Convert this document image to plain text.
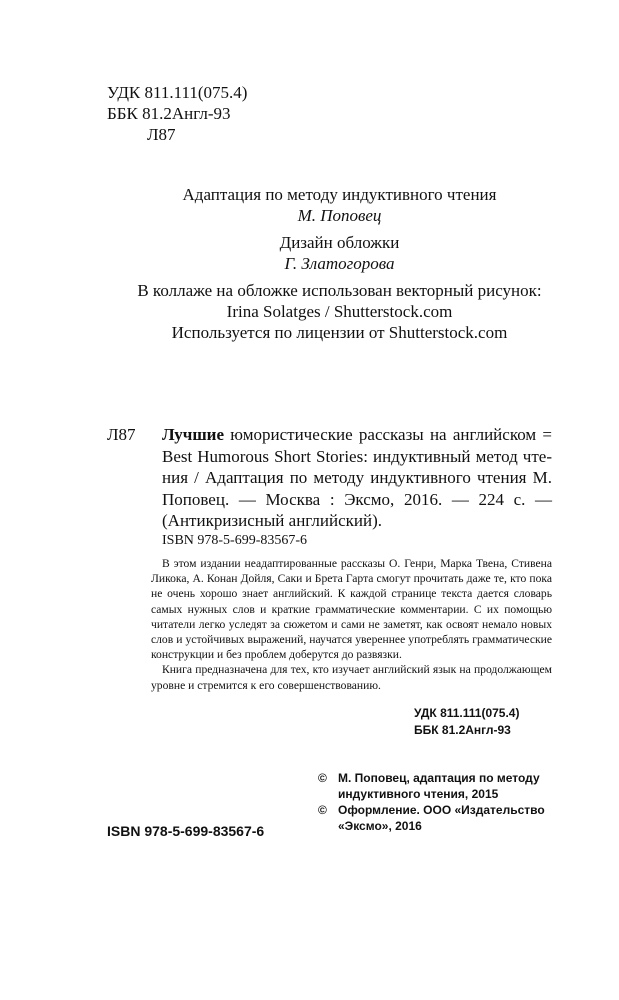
УДК 811.111(075.4)
ББК 81.2Англ-93
Л87
Адаптация по методу индуктивного чтения
М. Поповец
Дизайн обложки
Г. Златогорова
В коллаже на обложке использован векторный рисунок:
Irina Solatges / Shutterstock.com
Используется по лицензии от Shutterstock.com
Л87 Лучшие юмористические рассказы на английском = Best Humorous Short Stories: индуктивный метод чтения / Адаптация по методу индуктивного чтения М. Поповец. — Москва : Эксмо, 2016. — 224 с. — (Антикризисный английский).
ISBN 978-5-699-83567-6

В этом издании неадаптированные рассказы О. Генри, Марка Твена, Стивена Ликока, А. Конан Дойля, Саки и Брета Гарта смогут прочитать даже те, кто пока не очень хорошо знает английский. К каждой странице текста дается словарь самых нужных слов и краткие грамматические комментарии. С их помощью читатели легко уследят за сюжетом и сами не заметят, как освоят немало новых слов и устойчивых выражений, научатся увереннее употреблять грамматические конструкции и без проблем доберутся до развязки.

Книга предназначена для тех, кто изучает английский язык на продолжающем уровне и стремится к его совершенствованию.

УДК 811.111(075.4)
ББК 81.2Англ-93
© М. Поповец, адаптация по методу
индуктивного чтения, 2015
© Оформление. ООО «Издательство
«Эксмо», 2016
ISBN 978-5-699-83567-6
